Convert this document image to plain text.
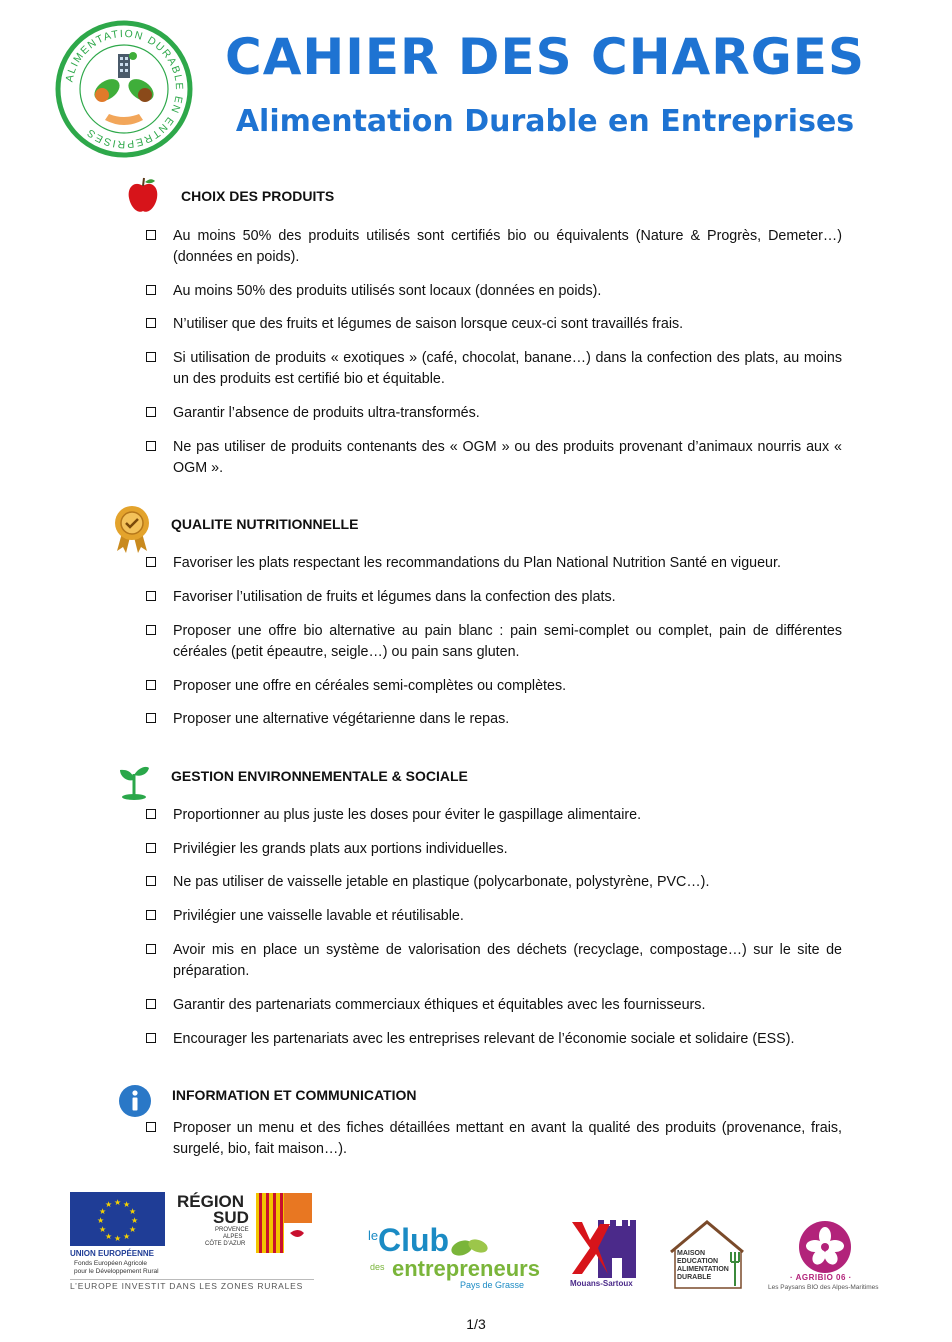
ALIMENTATION DURABLE EN ENTREPRISES
CAHIER DES CHARGES
Alimentation Durable en Entreprises
CHOIX DES PRODUITS
Au moins 50% des produits utilisés sont certifiés bio ou équivalents (Nature & Progrès, Demeter…) (données en poids).
Au moins 50% des produits utilisés sont locaux (données en poids).
N’utiliser que des fruits et légumes de saison lorsque ceux-ci sont travaillés frais.
Si utilisation de produits « exotiques » (café, chocolat, banane…) dans la confection des plats, au moins un des produits est certifié bio et équitable.
Garantir l’absence de produits ultra-transformés.
Ne pas utiliser de produits contenants des « OGM » ou des produits provenant d’animaux nourris aux « OGM ».
QUALITE NUTRITIONNELLE
Favoriser les plats respectant les recommandations du Plan National Nutrition Santé en vigueur.
Favoriser l’utilisation de fruits et légumes dans la confection des plats.
Proposer une offre bio alternative au pain blanc : pain semi-complet ou complet, pain de différentes céréales (petit épeautre, seigle…) ou pain sans gluten.
Proposer une offre en céréales semi-complètes ou complètes.
Proposer une alternative végétarienne dans le repas.
GESTION ENVIRONNEMENTALE & SOCIALE
Proportionner au plus juste les doses pour éviter le gaspillage alimentaire.
Privilégier les grands plats aux portions individuelles.
Ne pas utiliser de vaisselle jetable en plastique (polycarbonate, polystyrène, PVC…).
Privilégier une vaisselle lavable et réutilisable.
Avoir mis en place un système de valorisation des déchets (recyclage, compostage…) sur le site de préparation.
Garantir des partenariats commerciaux éthiques et équitables avec les fournisseurs.
Encourager les partenariats avec les entreprises relevant de l’économie sociale et solidaire (ESS).
INFORMATION ET COMMUNICATION
Proposer un menu et des fiches détaillées mettant en avant la qualité des produits (provenance, frais, surgelé, bio, fait maison…).
★ ★
★
★
★
★
★
★
★
★
★
★
UNION EUROPÉENNE
Fonds Européen Agricole
pour le Développement Rural
L’EUROPE INVESTIT DANS LES ZONES RURALES
RÉGION
SUD
PROVENCE
ALPES
CÔTE D’AZUR
le Club
des entrepreneurs
Pays de Grasse	Mouans-Sartoux
MAISON
EDUCATION
ALIMENTATION
DURABLE	· AGRIBIO 06 ·
Les Paysans BIO des Alpes-Maritimes
1/3
